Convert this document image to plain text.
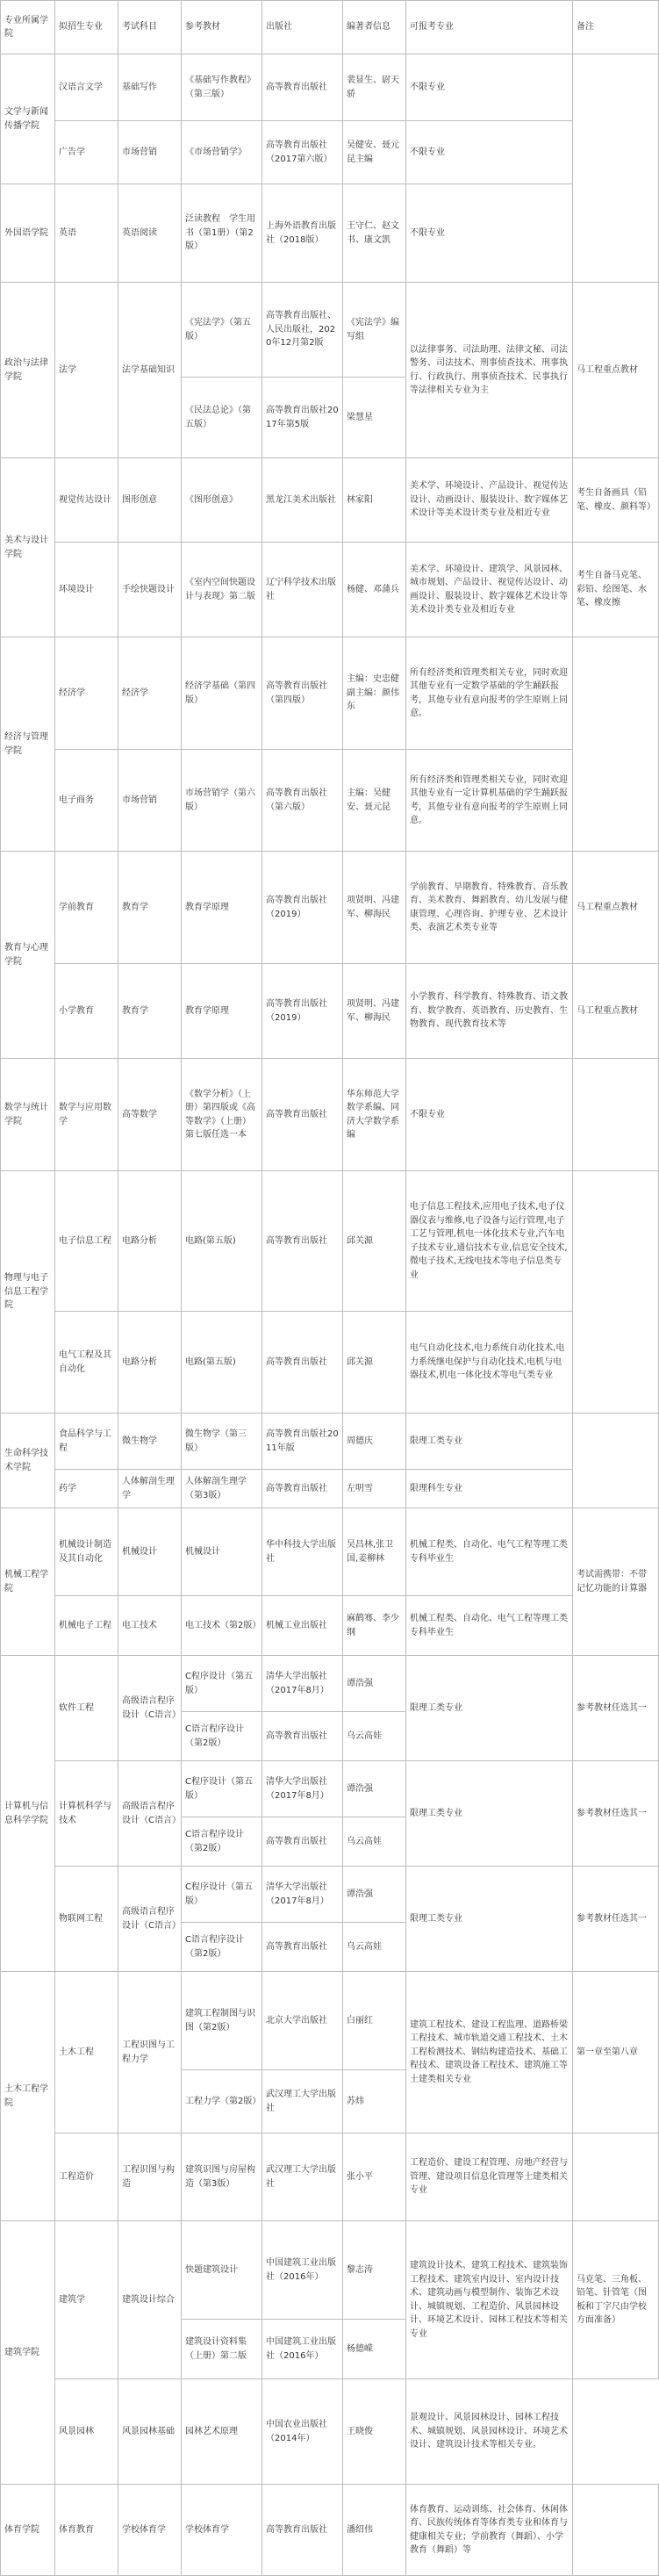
专业所属学院	拟招生专业	考试科目	参考教材	出版社	编著者信息	可报考专业	备注
文学与新闻传播学院	汉语言文学	基础写作	《基础写作教程》（第三版）	高等教育出版社	裴显生、尉天骄	不限专业	
	广告学	市场营销	《市场营销学》	高等教育出版社（2017第六版）	吴健安、聂元昆主编	不限专业	
外国语学院	英语	英语阅读	泛读教程　学生用书（第1册）（第2版）	上海外语教育出版社（2018版）	王守仁、赵文书、康文凯	不限专业	
政治与法律学院	法学	法学基础知识	《宪法学》（第五版）	高等教育出版社、人民出版社，2020年12月第2版	《宪法学》编写组	以法律事务、司法助理、法律文秘、司法警务、司法技术、刑事侦查技术、刑事执行、行政执行、刑事侦查技术、民事执行等法律相关专业为主	马工程重点教材
			《民法总论》（第五版）	高等教育出版社2017年第5版	梁慧星		
美术与设计学院	视觉传达设计	图形创意	《图形创意》	黑龙江美术出版社	林家阳	美术学、环境设计、产品设计、视觉传达设计、动画设计、服装设计、数字媒体艺术设计等美术设计类专业及相近专业	考生自备画具（铅笔、橡皮、颜料等）
	环境设计	手绘快题设计	《室内空间快题设计与表现》第二版	辽宁科学技术出版社	杨健、邓蒲兵	美术学、环境设计、建筑学、风景园林、城市规划、产品设计、视觉传达设计、动画设计、服装设计、数字媒体艺术设计等美术设计类专业及相近专业	考生自备马克笔、彩铅、绘图笔、水笔、橡皮擦
经济与管理学院	经济学	经济学	经济学基础（第四版）	高等教育出版社（第四版）	主编：史忠健　副主编：颜伟东	所有经济类和管理类相关专业，同时欢迎其他专业有一定数学基础的学生踊跃报考，其他专业有意向报考的学生原则上同意。	
	电子商务	市场营销	市场营销学（第六版）	高等教育出版社（第六版）	主编：吴健安、聂元昆	所有经济类和管理类相关专业，同时欢迎其他专业有一定计算机基础的学生踊跃报考，其他专业有意向报考的学生原则上同意。	
教育与心理学院	学前教育	教育学	教育学原理	高等教育出版社（2019）	项贤明、冯建军、柳海民	学前教育、早期教育、特殊教育、音乐教育、美术教育、舞蹈教育、幼儿发展与健康管理、心理咨询、护理专业、艺术设计类、表演艺术类专业等	马工程重点教材
	小学教育	教育学	教育学原理	高等教育出版社（2019）	项贤明、冯建军、柳海民	小学教育、科学教育、特殊教育、语文教育、数学教育、英语教育、历史教育、生物教育、现代教育技术等	马工程重点教材
数学与统计学院	数学与应用数学	高等数学	《数学分析》（上册）第四版或《高等数学》（上册）第七版任选一本	高等教育出版社	华东师范大学数学系编、同济大学数学系编	不限专业	
物理与电子信息工程学院	电子信息工程	电路分析	电路(第五版)	高等教育出版社	邱关源	电子信息工程技术,应用电子技术,电子仪器仪表与维修,电子设备与运行管理,电子工艺与管理,机电一体化技术专业,汽车电子技术专业,通信技术专业,信息安全技术,微电子技术,无线电技术等电子信息类专业	
	电气工程及其自动化	电路分析	电路(第五版)	高等教育出版社	邱关源	电气自动化技术,电力系统自动化技术,电力系统继电保护与自动化技术,电机与电器技术,机电一体化技术等电气类专业	
生命科学技术学院	食品科学与工程	微生物学	微生物学（第三版）	高等教育出版社2011年版	周德庆	限理工类专业	
	药学	人体解剖生理学	人体解剖生理学（第3版）	高等教育出版社	左明雪	限理科生专业	
机械工程学院	机械设计制造及其自动化	机械设计	机械设计	华中科技大学出版社	吴昌林,张卫国,姜柳林	机械工程类、自动化、电气工程等理工类专科毕业生	考试需携带：不带记忆功能的计算器
	机械电子工程	电工技术	电工技术（第2版）	机械工业出版社	麻鹤骞、李少纲	机械工程类、自动化、电气工程等理工类专科毕业生	
计算机与信息科学学院	软件工程	高级语言程序设计（C语言）	C程序设计（第五版）	清华大学出版社（2017年8月）	谭浩强	限理工类专业	参考教材任选其一
			C语言程序设计（第2版）	高等教育出版社	乌云高娃		
	计算机科学与技术	高级语言程序设计（C语言）	C程序设计（第五版）	清华大学出版社（2017年8月）	谭浩强	限理工类专业	参考教材任选其一
			C语言程序设计（第2版）	高等教育出版社	乌云高娃		
	物联网工程	高级语言程序设计（C语言）	C程序设计（第五版）	清华大学出版社（2017年8月）	谭浩强	限理工类专业	参考教材任选其一
			C语言程序设计（第2版）	高等教育出版社	乌云高娃		
土木工程学院	土木工程	工程识图与工程力学	建筑工程制图与识图（第2版）	北京大学出版社	白丽红	建筑工程技术、建设工程监理、道路桥梁工程技术、城市轨道交通工程技术、土木工程检测技术、钢结构建造技术、基础工程技术、建筑设备工程技术、建筑施工等土建类相关专业	第一章至第八章
			工程力学（第2版）	武汉理工大学出版社	苏炜		
	工程造价	工程识图与构造	建筑识图与房屋构造（第3版）	武汉理工大学出版社	张小平	工程造价、建设工程管理、房地产经营与管理、建设项目信息化管理等土建类相关专业	
建筑学院	建筑学	建筑设计综合	快题建筑设计	中国建筑工业出版社（2016年）	黎志涛	建筑设计技术、建筑工程技术、建筑装饰工程技术、建筑室内设计、室内设计技术、建筑动画与模型制作、装饰艺术设计、城镇规划、工程造价、风景园林设计、环境艺术设计、园林工程技术等相关专业	马克笔、三角板、铅笔、针管笔（图板和丁字尺由学校方面准备）
			建筑设计资料集（上册）第二版	中国建筑工业出版社（2016年）	杨德嵘		
	风景园林	风景园林基础	园林艺术原理	中国农业出版社（2014年）	王晓俊	景观设计、风景园林设计、园林工程技术、城镇规划、风景园林设计、环境艺术设计、建筑设计技术等相关专业。	
体育学院	体育教育	学校体育学	学校体育学	高等教育出版社	潘绍伟	体育教育、运动训练、社会体育、休闲体育、民族传统体育等体育类专业和体育与健康相关专业；学前教育（舞蹈）、小学教育（舞蹈）等	
